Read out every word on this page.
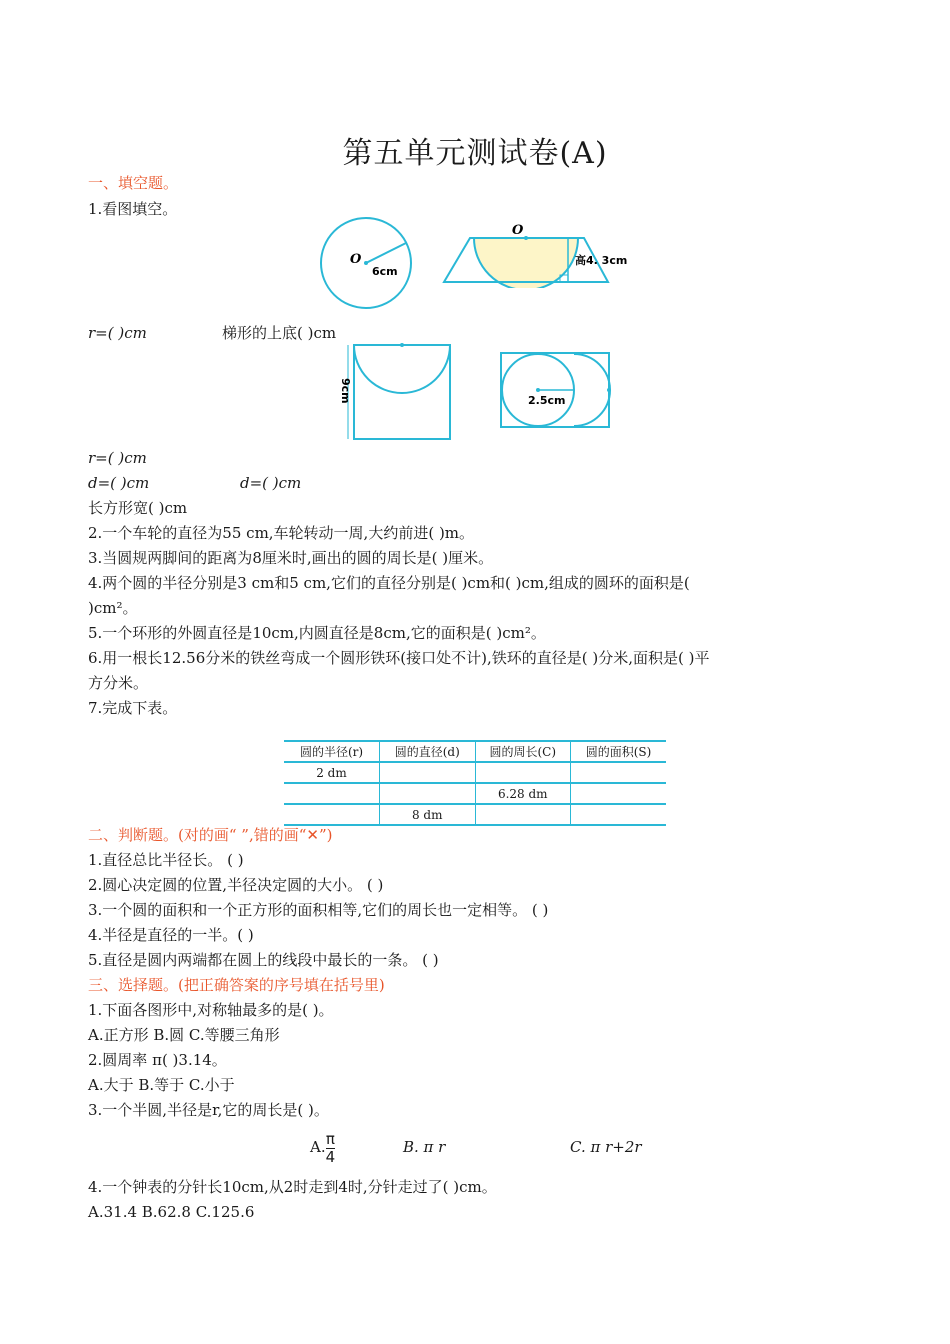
第五单元测试卷(A)
一、填空题。
1.看图填空。
O
6cm
O
高4. 3cm
r=( )cm	梯形的上底( )cm
9cm	2.5cm
r=( )cm
d=( )cm	d=( )cm
长方形宽( )cm
2.一个车轮的直径为55 cm,车轮转动一周,大约前进( )m。
3.当圆规两脚间的距离为8厘米时,画出的圆的周长是( )厘米。
4.两个圆的半径分别是3 cm和5 cm,它们的直径分别是( )cm和( )cm,组成的圆环的面积是(
)cm²。
5.一个环形的外圆直径是10cm,内圆直径是8cm,它的面积是( )cm²。
6.用一根长12.56分米的铁丝弯成一个圆形铁环(接口处不计),铁环的直径是( )分米,面积是( )平
方分米。
7.完成下表。
圆的半径(r)	圆的直径(d)	圆的周长(C)	圆的面积(S)
2 dm			
		6.28 dm	
	8 dm		
二、判断题。(对的画“ ”,错的画“✕”)
1.直径总比半径长。 ( )
2.圆心决定圆的位置,半径决定圆的大小。 ( )
3.一个圆的面积和一个正方形的面积相等,它们的周长也一定相等。 ( )
4.半径是直径的一半。( )
5.直径是圆内两端都在圆上的线段中最长的一条。 ( )
三、选择题。(把正确答案的序号填在括号里)
1.下面各图形中,对称轴最多的是( )。
A.正方形 B.圆 C.等腰三角形
2.圆周率 π( )3.14。
A.大于 B.等于 C.小于
3.一个半圆,半径是r,它的周长是( )。
A. $\frac{\pi}{4}$	B. π r	C. π r+2r
4.一个钟表的分针长10cm,从2时走到4时,分针走过了( )cm。
A.31.4 B.62.8 C.125.6
